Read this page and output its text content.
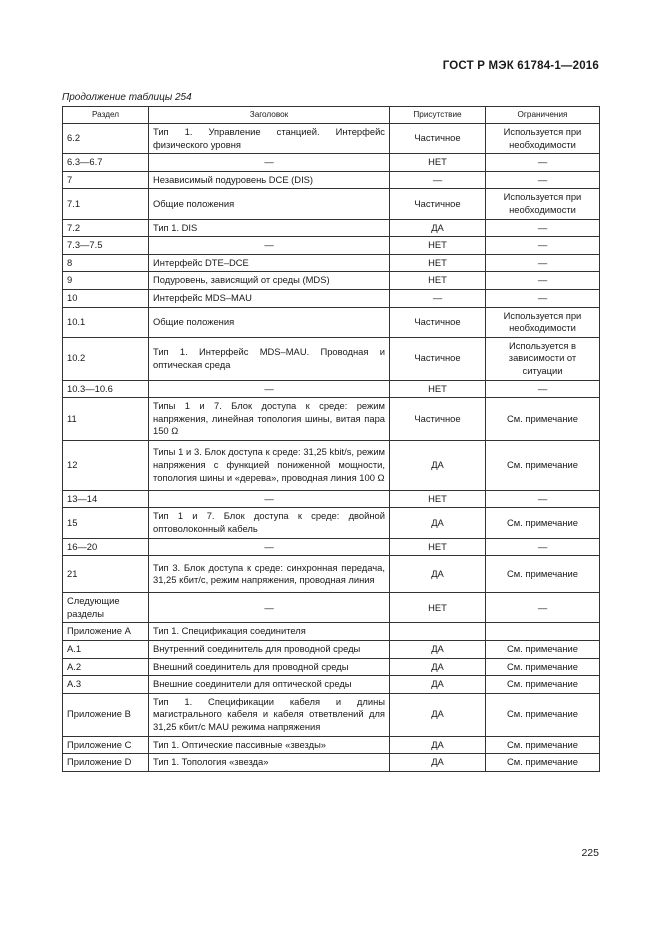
ГОСТ Р МЭК 61784-1—2016
Продолжение таблицы 254
Раздел	Заголовок	Присутствие	Ограничения
6.2	Тип 1. Управление станцией. Интерфейс физического уровня	Частичное	Используется при необходимости
6.3—6.7	—	НЕТ	—
7	Независимый подуровень DCE (DIS)	—	—
7.1	Общие положения	Частичное	Используется при необходимости
7.2	Тип 1. DIS	ДА	—
7.3—7.5	—	НЕТ	—
8	Интерфейс DTE–DCE	НЕТ	—
9	Подуровень, зависящий от среды (MDS)	НЕТ	—
10	Интерфейс MDS–MAU	—	—
10.1	Общие положения	Частичное	Используется при необходимости
10.2	Тип 1. Интерфейс MDS–MAU. Проводная и оптическая среда	Частичное	Используется в зависимости от ситуации
10.3—10.6	—	НЕТ	—
11	Типы 1 и 7. Блок доступа к среде: режим напряжения, линейная топология шины, витая пара 150 Ω	Частичное	См. примечание
12	Типы 1 и 3. Блок доступа к среде: 31,25 kbit/s, режим напряжения с функцией пониженной мощности, топология шины и «дерева», проводная линия 100 Ω	ДА	См. примечание
13—14	—	НЕТ	—
15	Тип 1 и 7. Блок доступа к среде: двойной оптоволоконный кабель	ДА	См. примечание
16—20	—	НЕТ	—
21	Тип 3. Блок доступа к среде: синхронная передача, 31,25 кбит/с, режим напряжения, проводная линия	ДА	См. примечание
Следующие разделы	—	НЕТ	—
Приложение A	Тип 1. Спецификация соединителя		
A.1	Внутренний соединитель для проводной среды	ДА	См. примечание
A.2	Внешний соединитель для проводной среды	ДА	См. примечание
A.3	Внешние соединители для оптической среды	ДА	См. примечание
Приложение B	Тип 1. Спецификации кабеля и длины магистрального кабеля и кабеля ответвлений для 31,25 кбит/с MAU режима напряжения	ДА	См. примечание
Приложение C	Тип 1. Оптические пассивные «звезды»	ДА	См. примечание
Приложение D	Тип 1. Топология «звезда»	ДА	См. примечание
225
